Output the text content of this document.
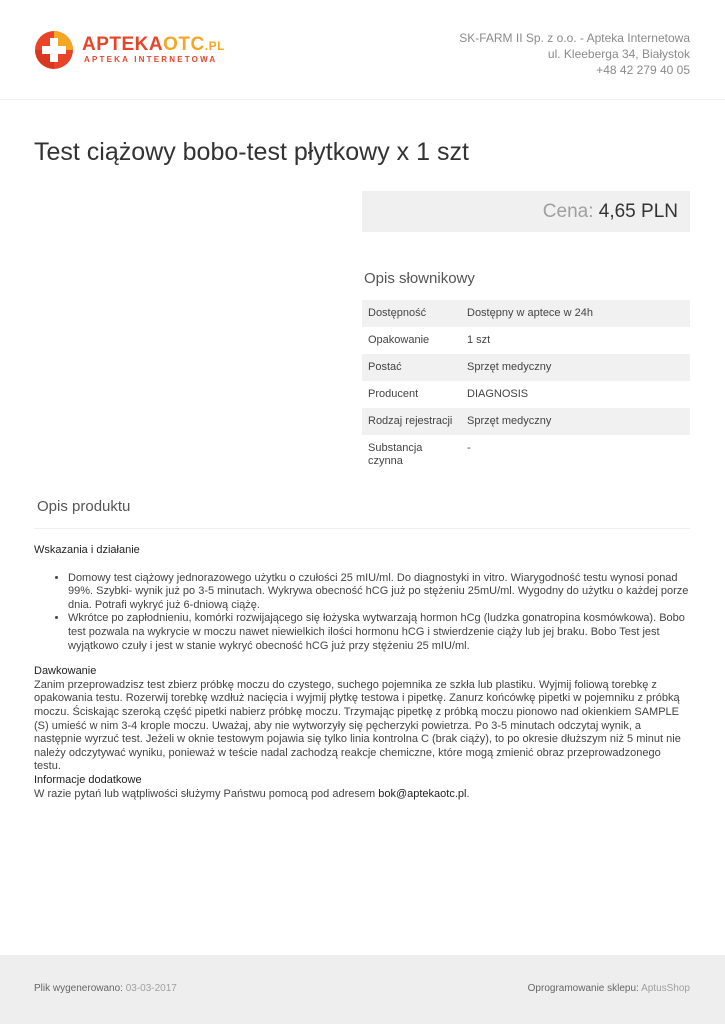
APTEKAOTC.PL
APTEKA INTERNETOWA
SK-FARM II Sp. z o.o. - Apteka Internetowa
ul. Kleeberga 34, Białystok
+48 42 279 40 05
Test ciążowy bobo-test płytkowy x 1 szt
Cena: 4,65 PLN
Opis słownikowy
Dostępność	Dostępny w aptece w 24h
Opakowanie	1 szt
Postać	Sprzęt medyczny
Producent	DIAGNOSIS
Rodzaj rejestracji	Sprzęt medyczny
Substancja czynna	-
Opis produktu
Wskazania i działanie
• Domowy test ciążowy jednorazowego użytku o czułości 25 mIU/ml. Do diagnostyki in vitro. Wiarygodność testu wynosi ponad 99%. Szybki- wynik już po 3-5 minutach. Wykrywa obecność hCG już po stężeniu 25mU/ml. Wygodny do użytku o każdej porze dnia. Potrafi wykryć już 6-dniową ciążę.
• Wkrótce po zapłodnieniu, komórki rozwijającego się łożyska wytwarzają hormon hCg (ludzka gonatropina kosmówkowa). Bobo test pozwala na wykrycie w moczu nawet niewielkich ilości hormonu hCG i stwierdzenie ciąży lub jej braku. Bobo Test jest wyjątkowo czuły i jest w stanie wykryć obecność hCG już przy stężeniu 25 mIU/ml.
Dawkowanie
Zanim przeprowadzisz test zbierz próbkę moczu do czystego, suchego pojemnika ze szkła lub plastiku. Wyjmij foliową torebkę z opakowania testu. Rozerwij torebkę wzdłuż nacięcia i wyjmij płytkę testowa i pipetkę. Zanurz końcówkę pipetki w pojemniku z próbką moczu. Ściskając szeroką część pipetki nabierz próbkę moczu. Trzymając pipetkę z próbką moczu pionowo nad okienkiem SAMPLE (S) umieść w nim 3-4 krople moczu. Uważaj, aby nie wytworzyły się pęcherzyki powietrza. Po 3-5 minutach odczytaj wynik, a następnie wyrzuć test. Jeżeli w oknie testowym pojawia się tylko linia kontrolna C (brak ciąży), to po okresie dłuższym niż 5 minut nie należy odczytywać wyniku, ponieważ w teście nadal zachodzą reakcje chemiczne, które mogą zmienić obraz przeprowadzonego testu.
Informacje dodatkowe
W razie pytań lub wątpliwości służymy Państwu pomocą pod adresem bok@aptekaotc.pl.
Plik wygenerowano: 03-03-2017	Oprogramowanie sklepu: AptusShop
